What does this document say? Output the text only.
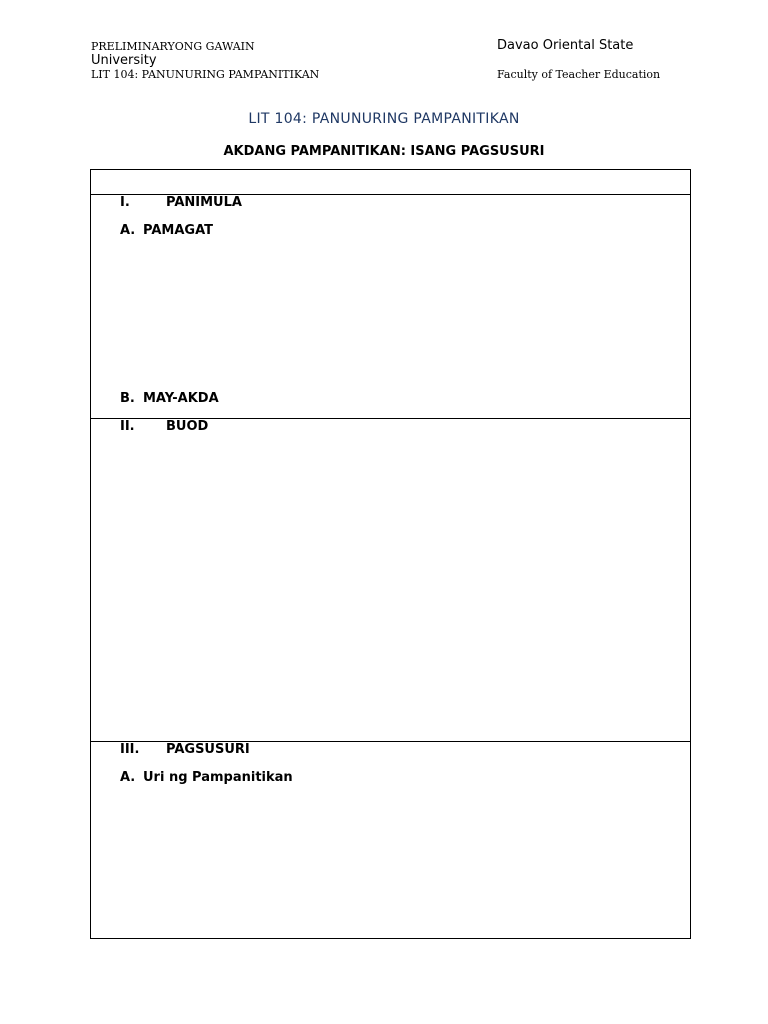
PRELIMINARYONG GAWAIN
University
LIT 104: PANUNURING PAMPANITIKAN
Davao Oriental State
Faculty of Teacher Education
LIT 104: PANUNURING PAMPANITIKAN
AKDANG PAMPANITIKAN: ISANG PAGSUSURI
I.	PANIMULA
A. PAMAGAT
B. MAY-AKDA
II. BUOD
III. PAGSUSURI
A. Uri ng Pampanitikan
